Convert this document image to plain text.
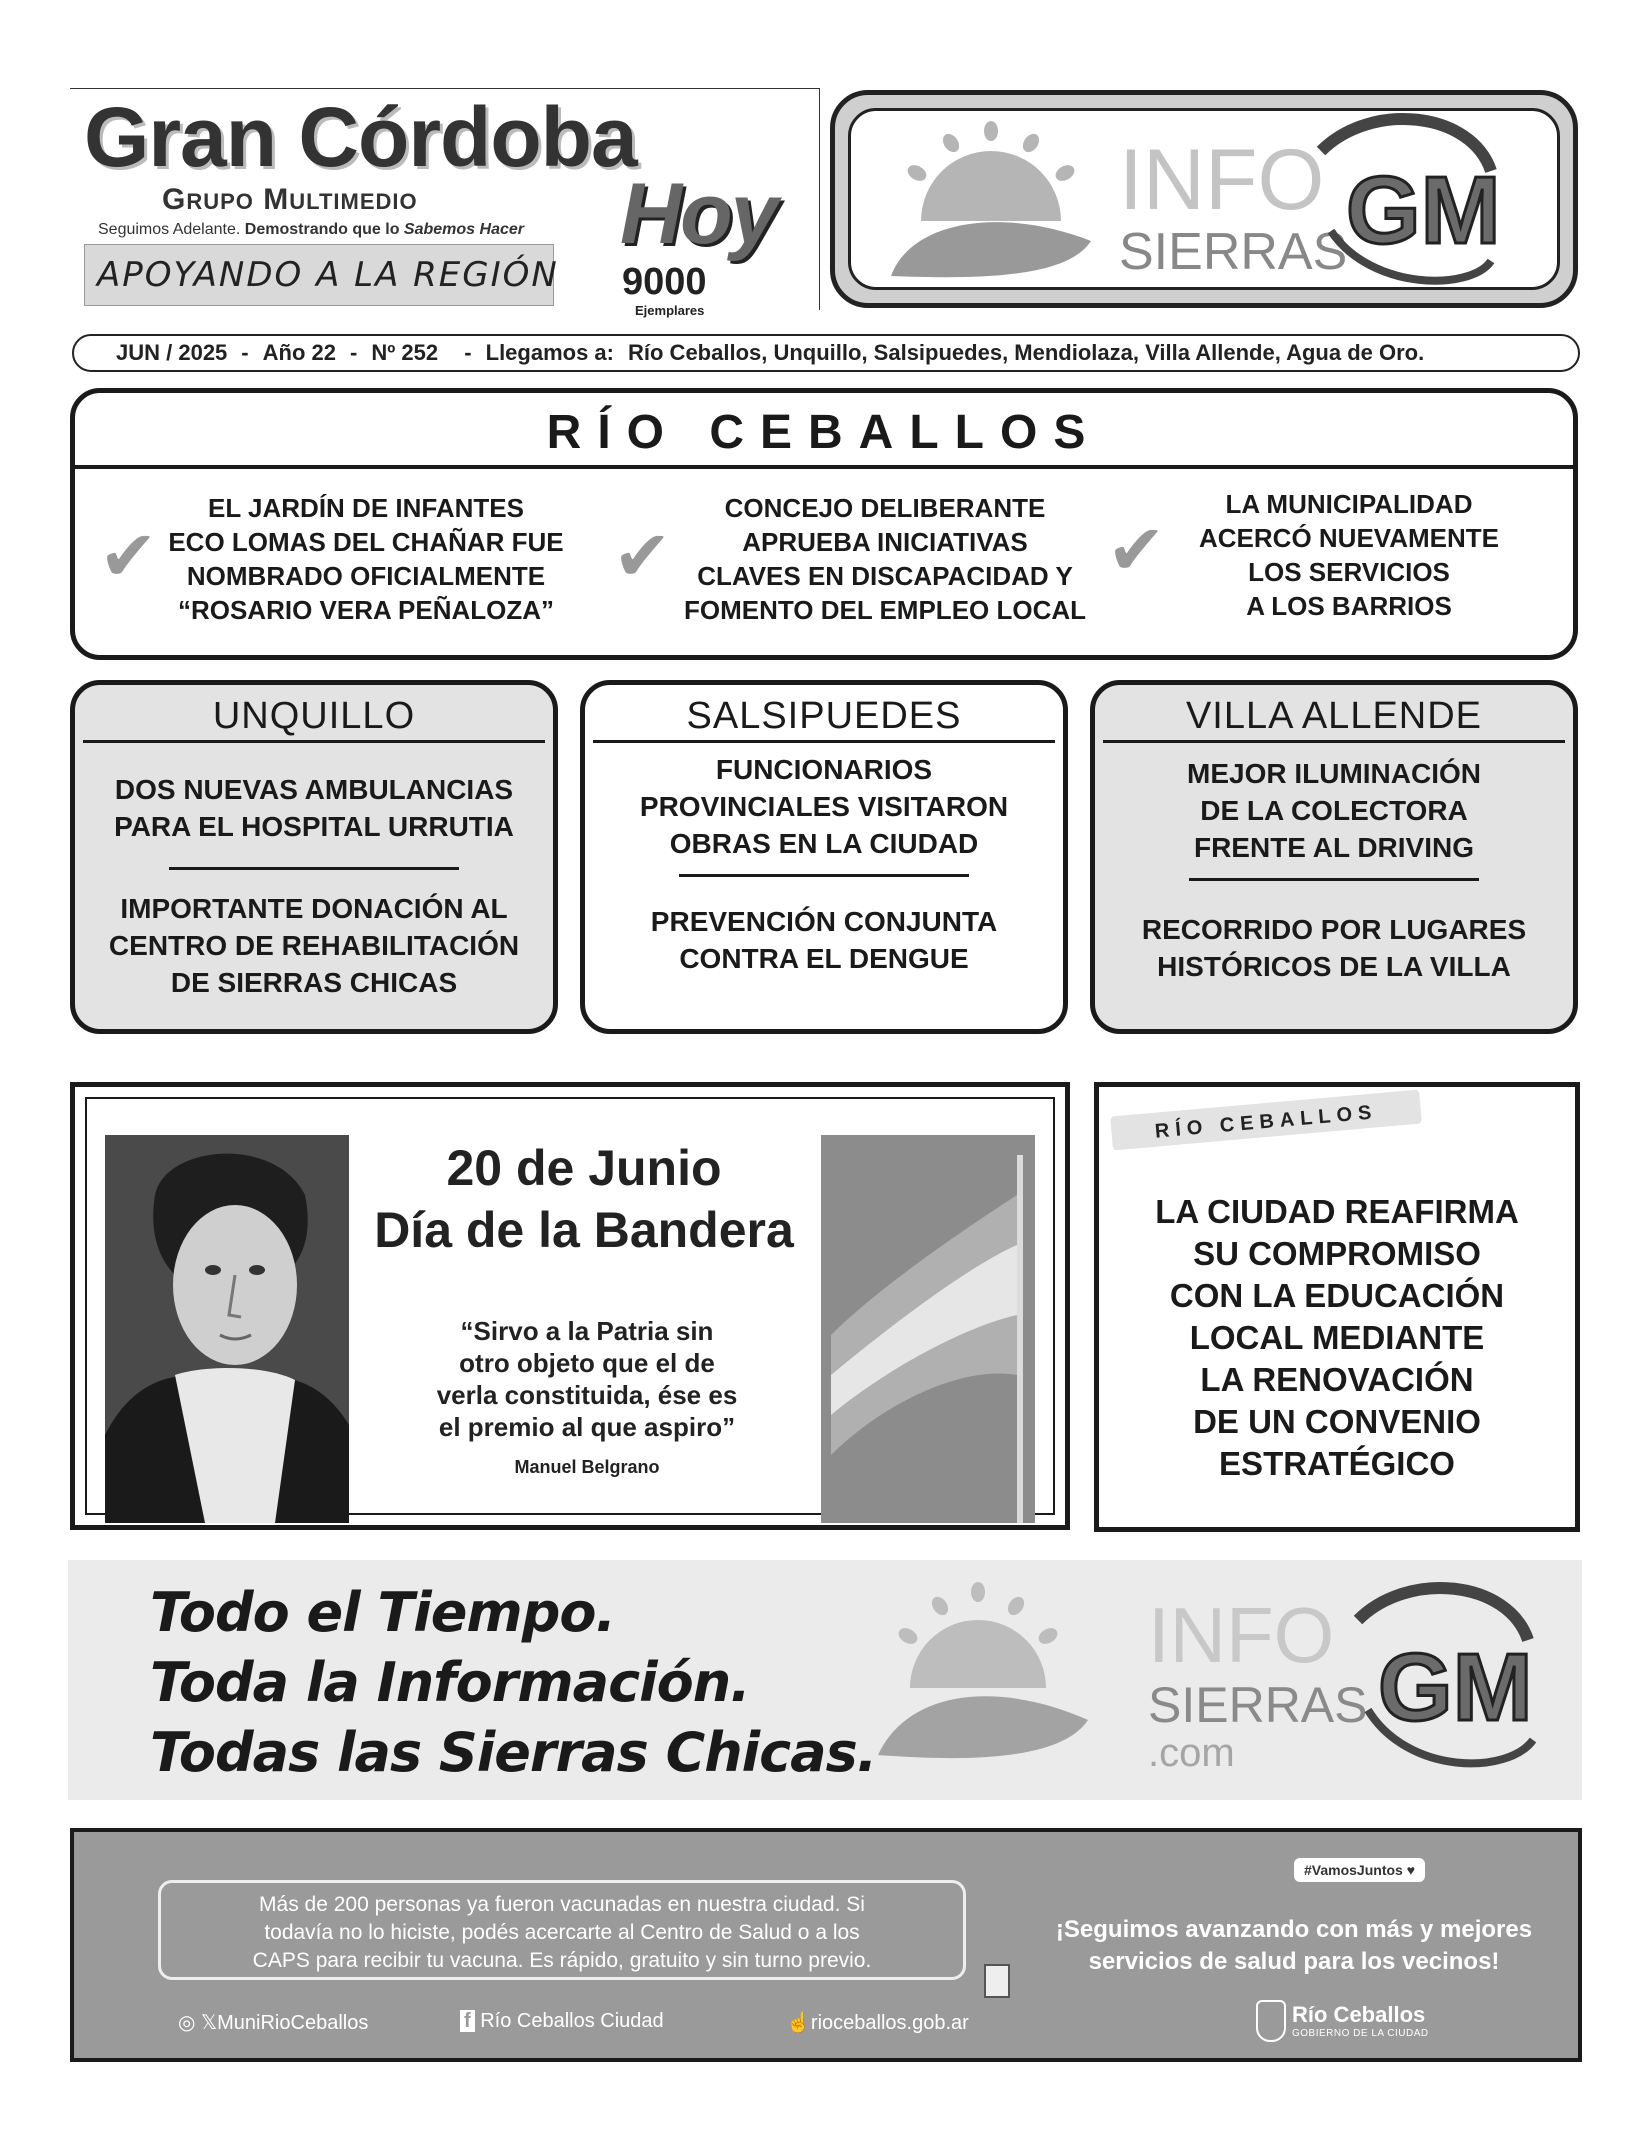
Gran Córdoba
GRUPO MULTIMEDIO
Seguimos Adelante. Demostrando que lo Sabemos Hacer
APOYANDO A LA REGIÓN
Hoy
9000
Ejemplares
INFO
SIERRAS
GM
JUN / 2025 - Año 22 - Nº 252  - Llegamos a: Río Ceballos, Unquillo, Salsipuedes, Mendiolaza, Villa Allende, Agua de Oro.
RÍO CEBALLOS
✔
EL JARDÍN DE INFANTES
ECO LOMAS DEL CHAÑAR FUE
NOMBRADO OFICIALMENTE
“ROSARIO VERA PEÑALOZA”
✔
CONCEJO DELIBERANTE
APRUEBA INICIATIVAS
CLAVES EN DISCAPACIDAD Y
FOMENTO DEL EMPLEO LOCAL
✔
LA MUNICIPALIDAD
ACERCÓ NUEVAMENTE
LOS SERVICIOS
A LOS BARRIOS
UNQUILLO
DOS NUEVAS AMBULANCIAS
PARA EL HOSPITAL URRUTIA
IMPORTANTE DONACIÓN AL
CENTRO DE REHABILITACIÓN
DE SIERRAS CHICAS
SALSIPUEDES
FUNCIONARIOS
PROVINCIALES VISITARON
OBRAS EN LA CIUDAD
PREVENCIÓN CONJUNTA
CONTRA EL DENGUE
VILLA ALLENDE
MEJOR ILUMINACIÓN
DE LA COLECTORA
FRENTE AL DRIVING
RECORRIDO POR LUGARES
HISTÓRICOS DE LA VILLA
20 de Junio
Día de la Bandera
“Sirvo a la Patria sin
otro objeto que el de
verla constituida, ése es
el premio al que aspiro”
Manuel Belgrano
RÍO CEBALLOS
LA CIUDAD REAFIRMA
SU COMPROMISO
CON LA EDUCACIÓN
LOCAL MEDIANTE
LA RENOVACIÓN
DE UN CONVENIO
ESTRATÉGICO
Todo el Tiempo.
Toda la Información.
Todas las Sierras Chicas.
INFO
SIERRAS
.com
GM
Más de 200 personas ya fueron vacunadas en nuestra ciudad. Si
todavía no lo hiciste, podés acercarte al Centro de Salud o a los
CAPS para recibir tu vacuna. Es rápido, gratuito y sin turno previo.
◎ 𝕏MuniRioCeballos	f Río Ceballos Ciudad	☝rioceballos.gob.ar
#VamosJuntos ♥
¡Seguimos avanzando con más y mejores
servicios de salud para los vecinos!
Río Ceballos
GOBIERNO DE LA CIUDAD
